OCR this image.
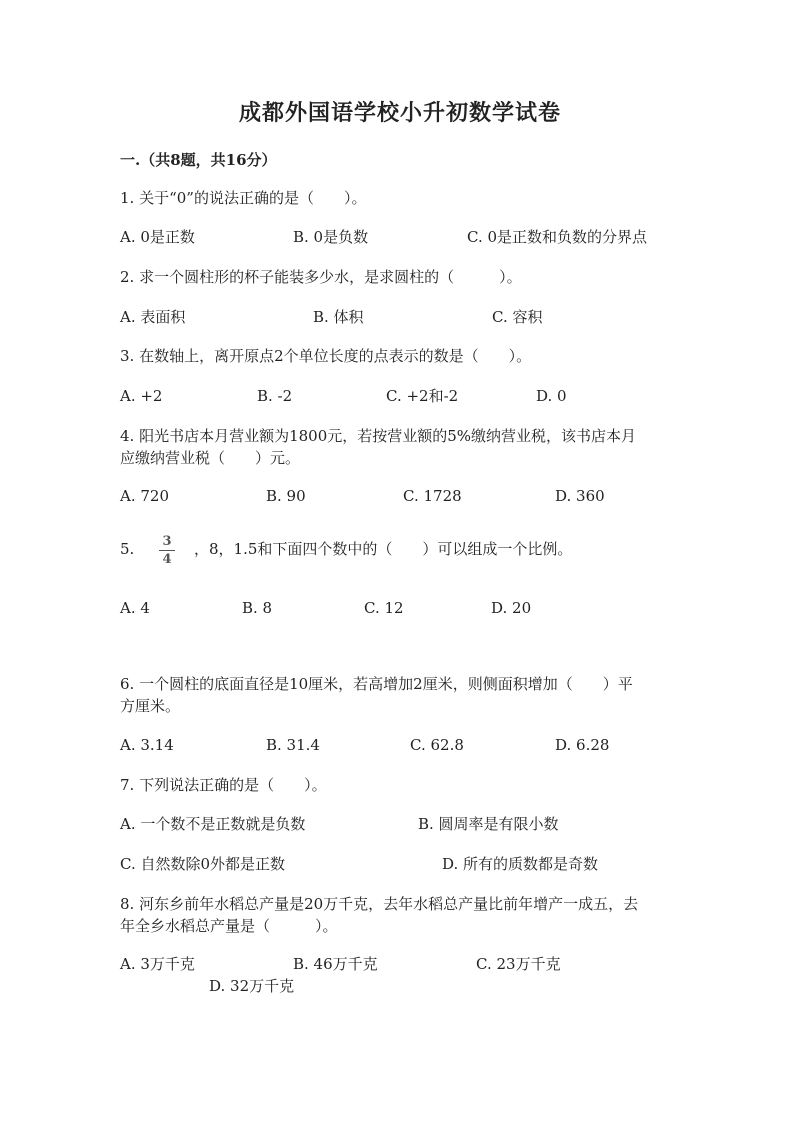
成都外国语学校小升初数学试卷
一.（共8题，共16分）
1. 关于“0”的说法正确的是（　　）。
A. 0是正数	B. 0是负数	C. 0是正数和负数的分界点
2. 求一个圆柱形的杯子能装多少水，是求圆柱的（　　　）。
A. 表面积	B. 体积	C. 容积
3. 在数轴上，离开原点2个单位长度的点表示的数是（　　）。
A. +2	B. -2	C. +2和-2	D. 0
4. 阳光书店本月营业额为1800元，若按营业额的5%缴纳营业税，该书店本月
应缴纳营业税（　　）元。
A. 720	B. 90	C. 1728	D. 360
5.	3
4
，8，1.5和下面四个数中的（　　）可以组成一个比例。
A. 4	B. 8	C. 12	D. 20
6. 一个圆柱的底面直径是10厘米，若高增加2厘米，则侧面积增加（　　）平
方厘米。
A. 3.14	B. 31.4	C. 62.8	D. 6.28
7. 下列说法正确的是（　　）。
A. 一个数不是正数就是负数	B. 圆周率是有限小数
C. 自然数除0外都是正数	D. 所有的质数都是奇数
8. 河东乡前年水稻总产量是20万千克，去年水稻总产量比前年增产一成五，去
年全乡水稻总产量是（　　　）。
A. 3万千克	B. 46万千克	C. 23万千克
D. 32万千克
